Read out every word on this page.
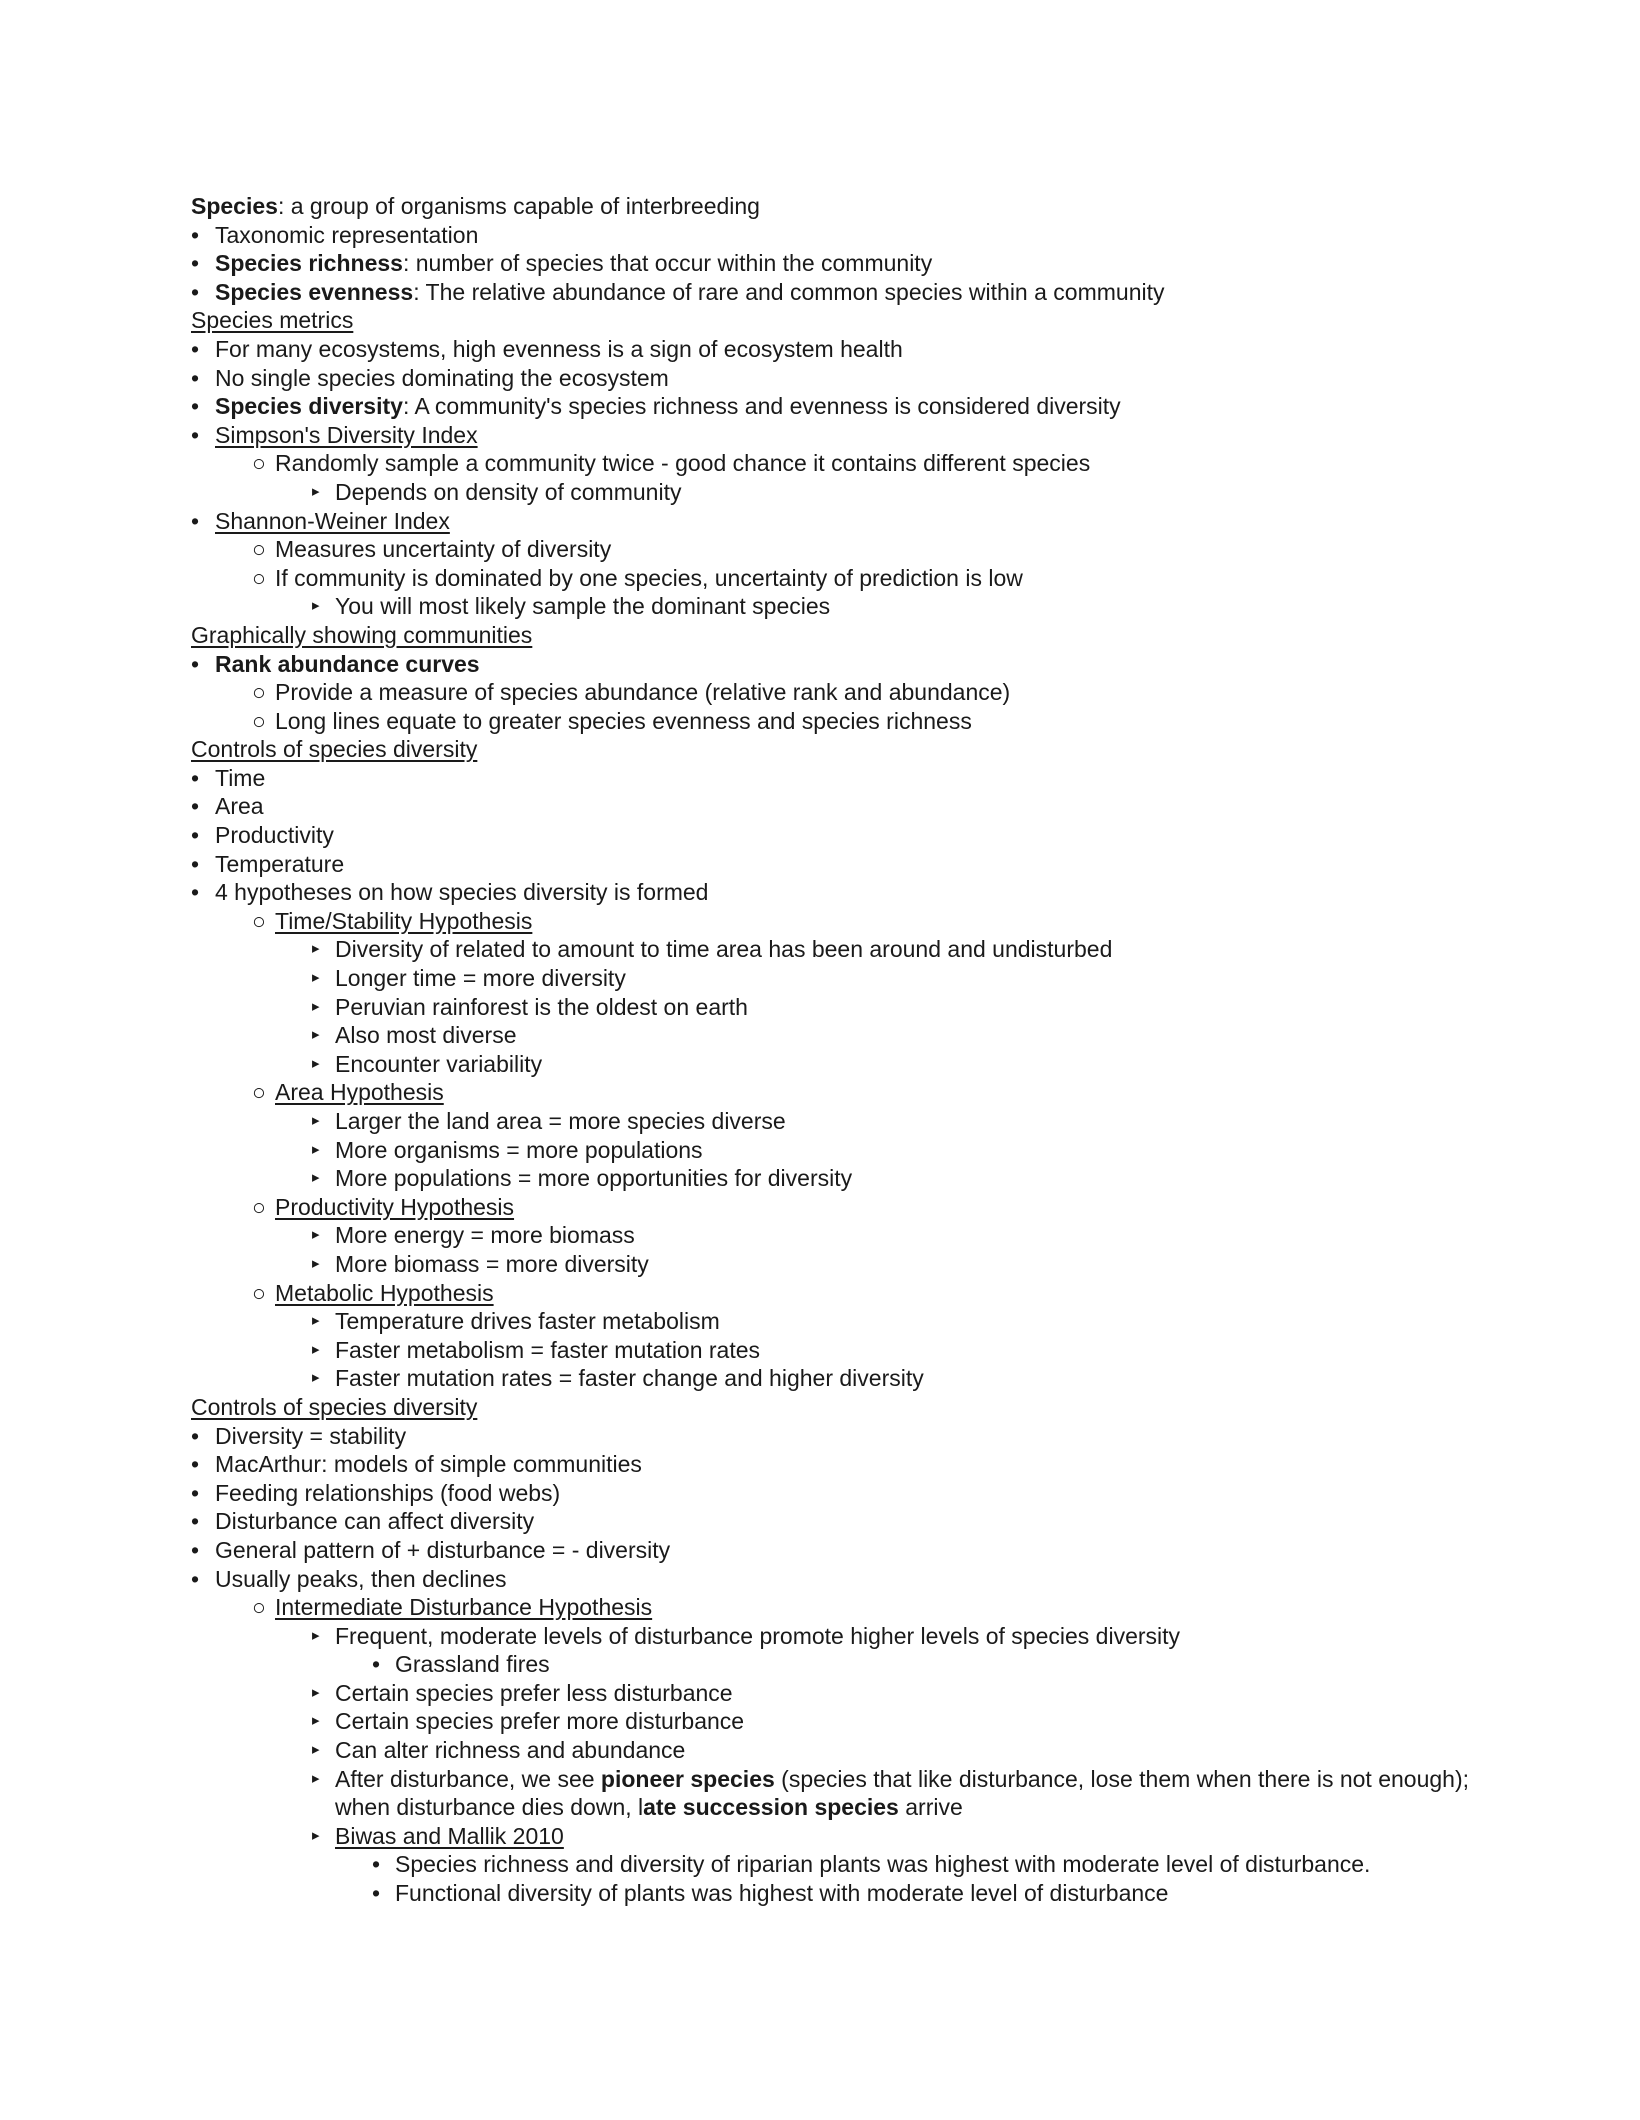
Species: a group of organisms capable of interbreeding
• Taxonomic representation
• Species richness: number of species that occur within the community
• Species evenness: The relative abundance of rare and common species within a community
Species metrics
• For many ecosystems, high evenness is a sign of ecosystem health
• No single species dominating the ecosystem
• Species diversity: A community's species richness and evenness is considered diversity
• Simpson's Diversity Index
○ Randomly sample a community twice - good chance it contains different species
▸ Depends on density of community
• Shannon-Weiner Index
○ Measures uncertainty of diversity
○ If community is dominated by one species, uncertainty of prediction is low
▸ You will most likely sample the dominant species
Graphically showing communities
• Rank abundance curves
○ Provide a measure of species abundance (relative rank and abundance)
○ Long lines equate to greater species evenness and species richness
Controls of species diversity
• Time
• Area
• Productivity
• Temperature
• 4 hypotheses on how species diversity is formed
○ Time/Stability Hypothesis
▸ Diversity of related to amount to time area has been around and undisturbed
▸ Longer time = more diversity
▸ Peruvian rainforest is the oldest on earth
▸ Also most diverse
▸ Encounter variability
○ Area Hypothesis
▸ Larger the land area = more species diverse
▸ More organisms = more populations
▸ More populations = more opportunities for diversity
○ Productivity Hypothesis
▸ More energy = more biomass
▸ More biomass = more diversity
○ Metabolic Hypothesis
▸ Temperature drives faster metabolism
▸ Faster metabolism = faster mutation rates
▸ Faster mutation rates = faster change and higher diversity
Controls of species diversity
• Diversity = stability
• MacArthur: models of simple communities
• Feeding relationships (food webs)
• Disturbance can affect diversity
• General pattern of + disturbance = - diversity
• Usually peaks, then declines
○ Intermediate Disturbance Hypothesis
▸ Frequent, moderate levels of disturbance promote higher levels of species diversity
• Grassland fires
▸ Certain species prefer less disturbance
▸ Certain species prefer more disturbance
▸ Can alter richness and abundance
▸ After disturbance, we see pioneer species (species that like disturbance, lose them when there is not enough); when disturbance dies down, late succession species arrive
▸ Biwas and Mallik 2010
• Species richness and diversity of riparian plants was highest with moderate level of disturbance.
• Functional diversity of plants was highest with moderate level of disturbance
